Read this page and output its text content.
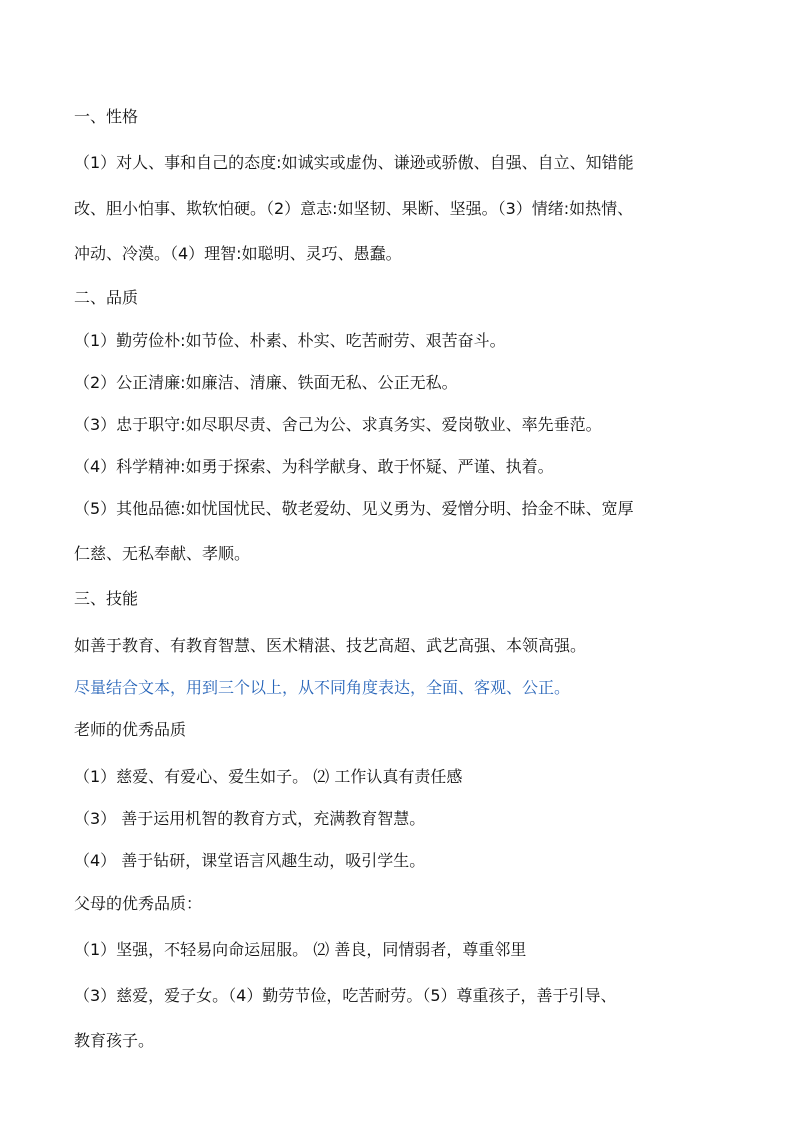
一、性格

（1）对人、事和自己的态度:如诚实或虚伪、谦逊或骄傲、自强、自立、知错能

改、胆小怕事、欺软怕硬。（2）意志:如坚韧、果断、坚强。（3）情绪:如热情、

冲动、冷漠。（4）理智:如聪明、灵巧、愚蠢。

二、品质

（1）勤劳俭朴:如节俭、朴素、朴实、吃苦耐劳、艰苦奋斗。

（2）公正清廉:如廉洁、清廉、铁面无私、公正无私。

（3）忠于职守:如尽职尽责、舍己为公、求真务实、爱岗敬业、率先垂范。

（4）科学精神:如勇于探索、为科学献身、敢于怀疑、严谨、执着。

（5）其他品德:如忧国忧民、敬老爱幼、见义勇为、爱憎分明、拾金不昧、宽厚

仁慈、无私奉献、孝顺。

三、技能

如善于教育、有教育智慧、医术精湛、技艺高超、武艺高强、本领高强。

尽量结合文本，用到三个以上，从不同角度表达，全面、客观、公正。

老师的优秀品质

（1）慈爱、有爱心、爱生如子。 ⑵ 工作认真有责任感

（3） 善于运用机智的教育方式，充满教育智慧。

（4） 善于钻研，课堂语言风趣生动，吸引学生。

父母的优秀品质：

（1）坚强，不轻易向命运屈服。 ⑵ 善良，同情弱者，尊重邻里

（3）慈爱，爱子女。（4）勤劳节俭，吃苦耐劳。（5）尊重孩子，善于引导、

教育孩子。
